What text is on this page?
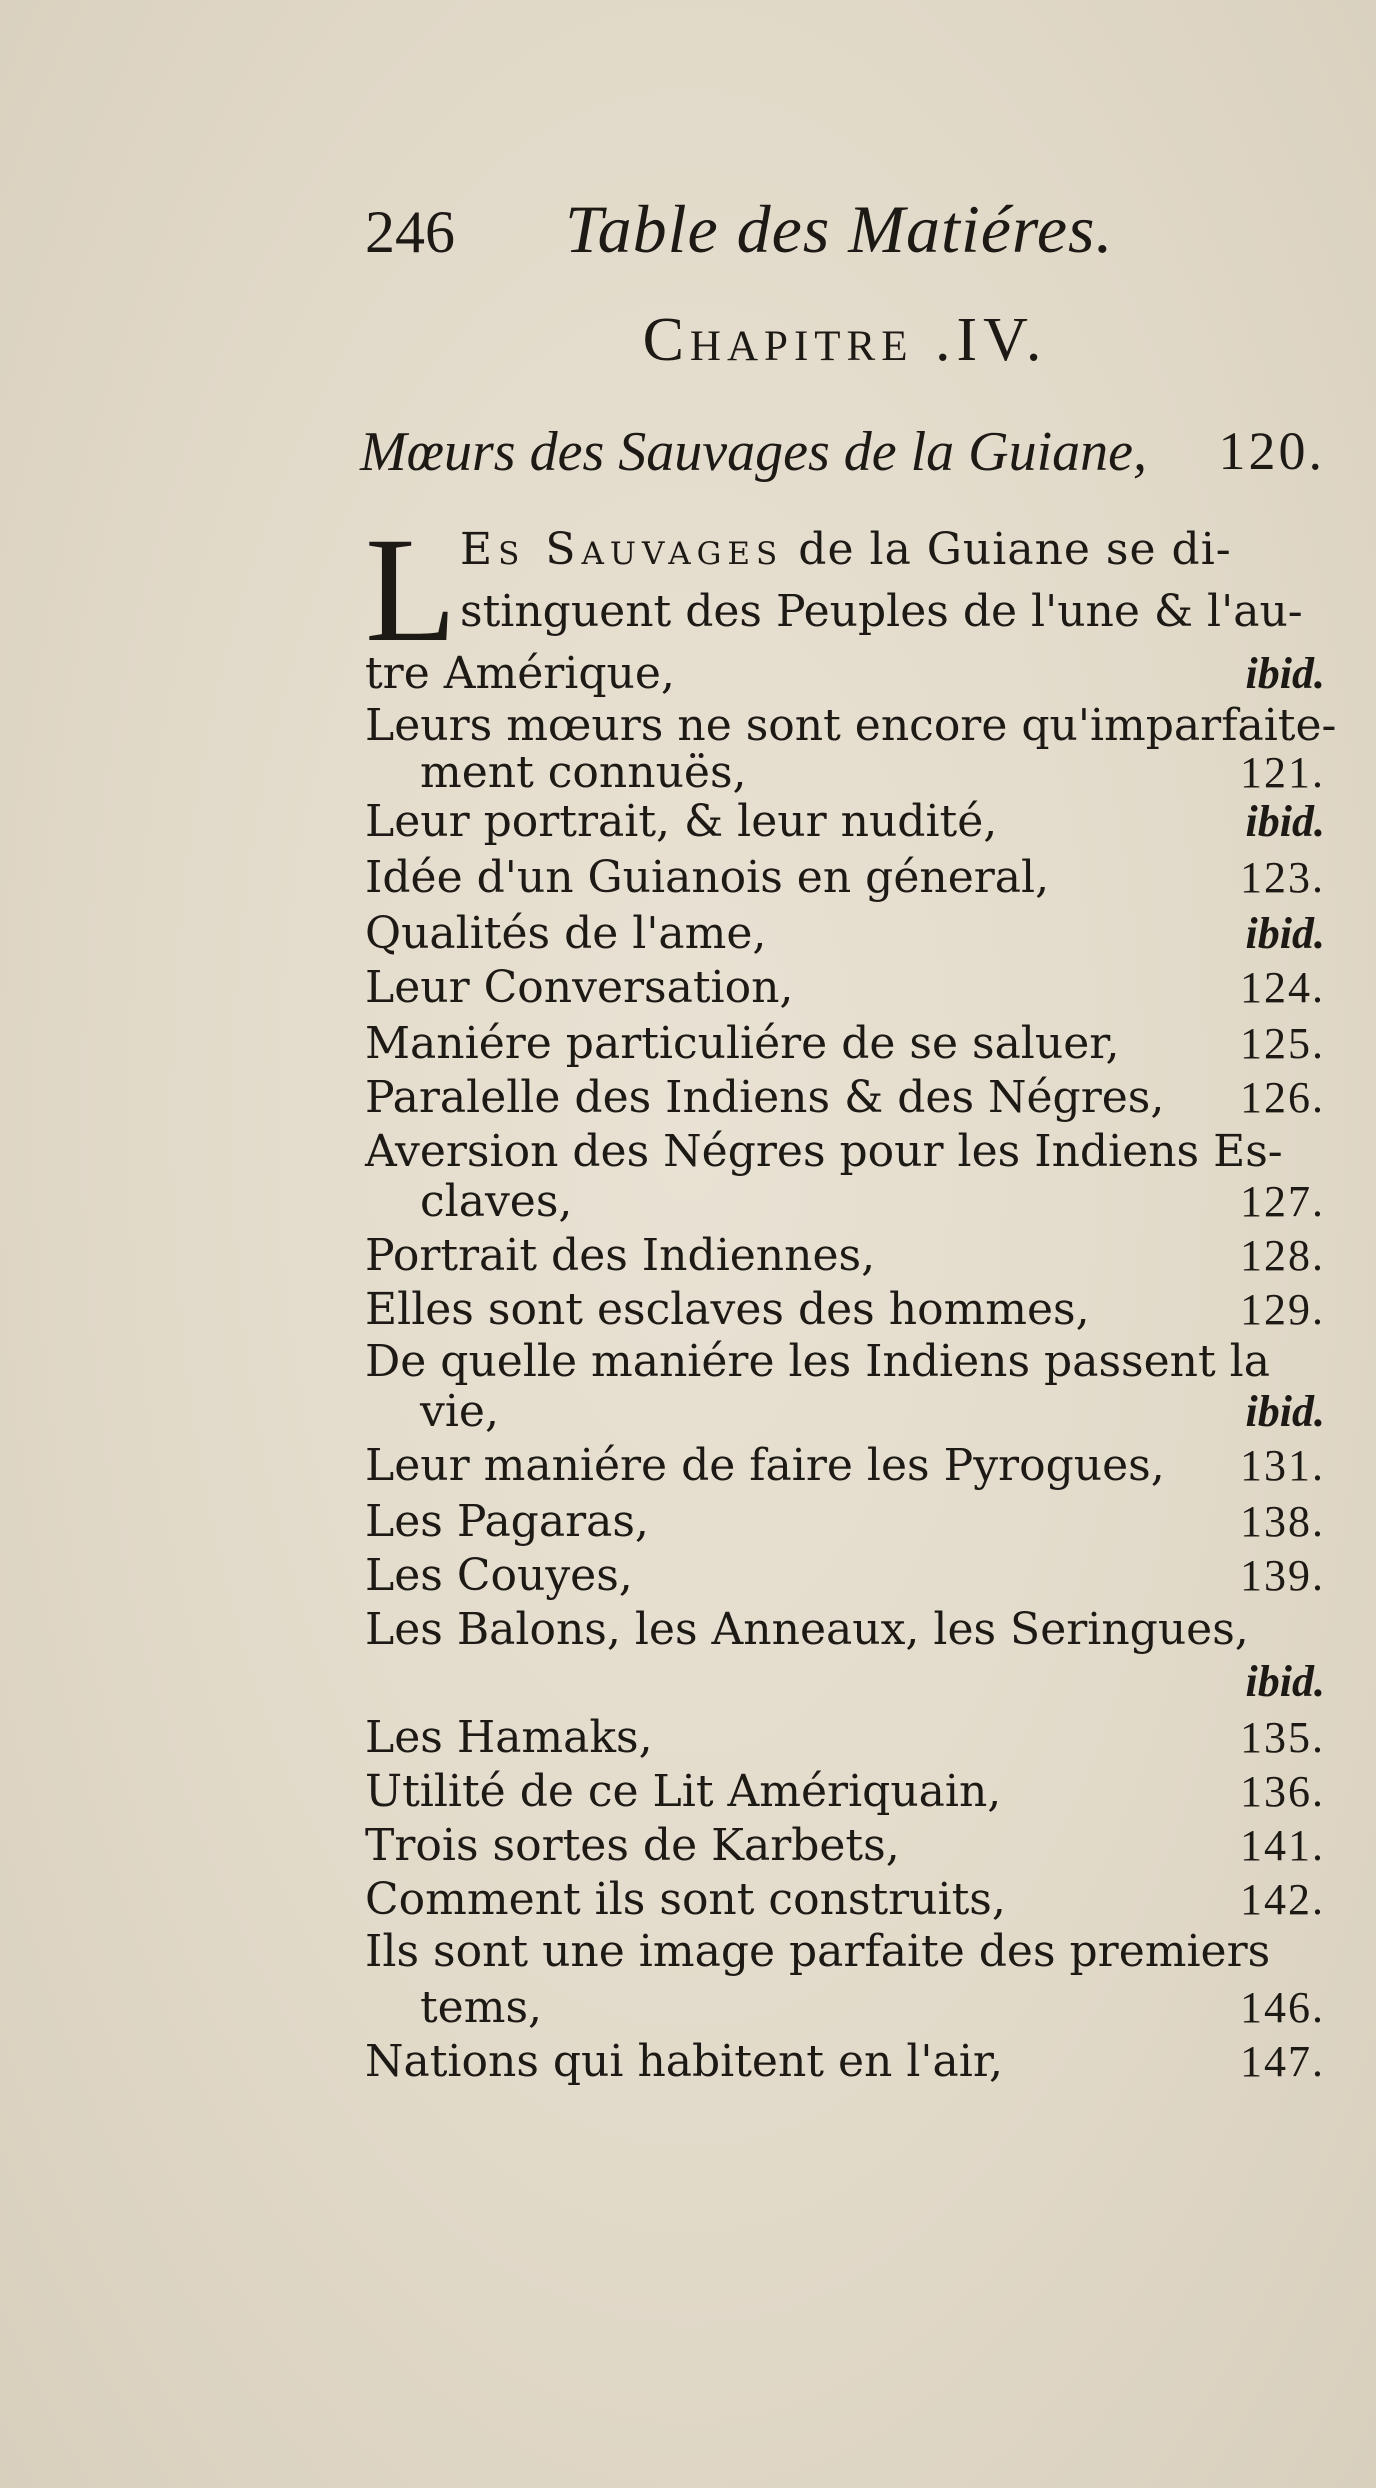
246 Table des Matiéres.
Chapitre .IV.
Mœurs des Sauvages de la Guiane, 120.
L Es Sauvages de la Guiane se di-
stinguent des Peuples de l'une & l'au-
tre Amérique,	ibid.
Leurs mœurs ne sont encore qu'imparfaite-
ment connuës,	121.
Leur portrait, & leur nudité,	ibid.
Idée d'un Guianois en géneral,	123.
Qualités de l'ame,	ibid.
Leur Conversation,	124.
Maniére particuliére de se saluer,	125.
Paralelle des Indiens & des Négres, 126.
Aversion des Négres pour les Indiens Es-
claves,	127.
Portrait des Indiennes,	128.
Elles sont esclaves des hommes,	129.
De quelle maniére les Indiens passent la
vie,	ibid.
Leur maniére de faire les Pyrogues, 131.
Les Pagaras,	138.
Les Couyes,	139.
Les Balons, les Anneaux, les Seringues,
ibid.
Les Hamaks,	135.
Utilité de ce Lit Amériquain,	136.
Trois sortes de Karbets,	141.
Comment ils sont construits,	142.
Ils sont une image parfaite des premiers
tems,	146.
Nations qui habitent en l'air,	147.
